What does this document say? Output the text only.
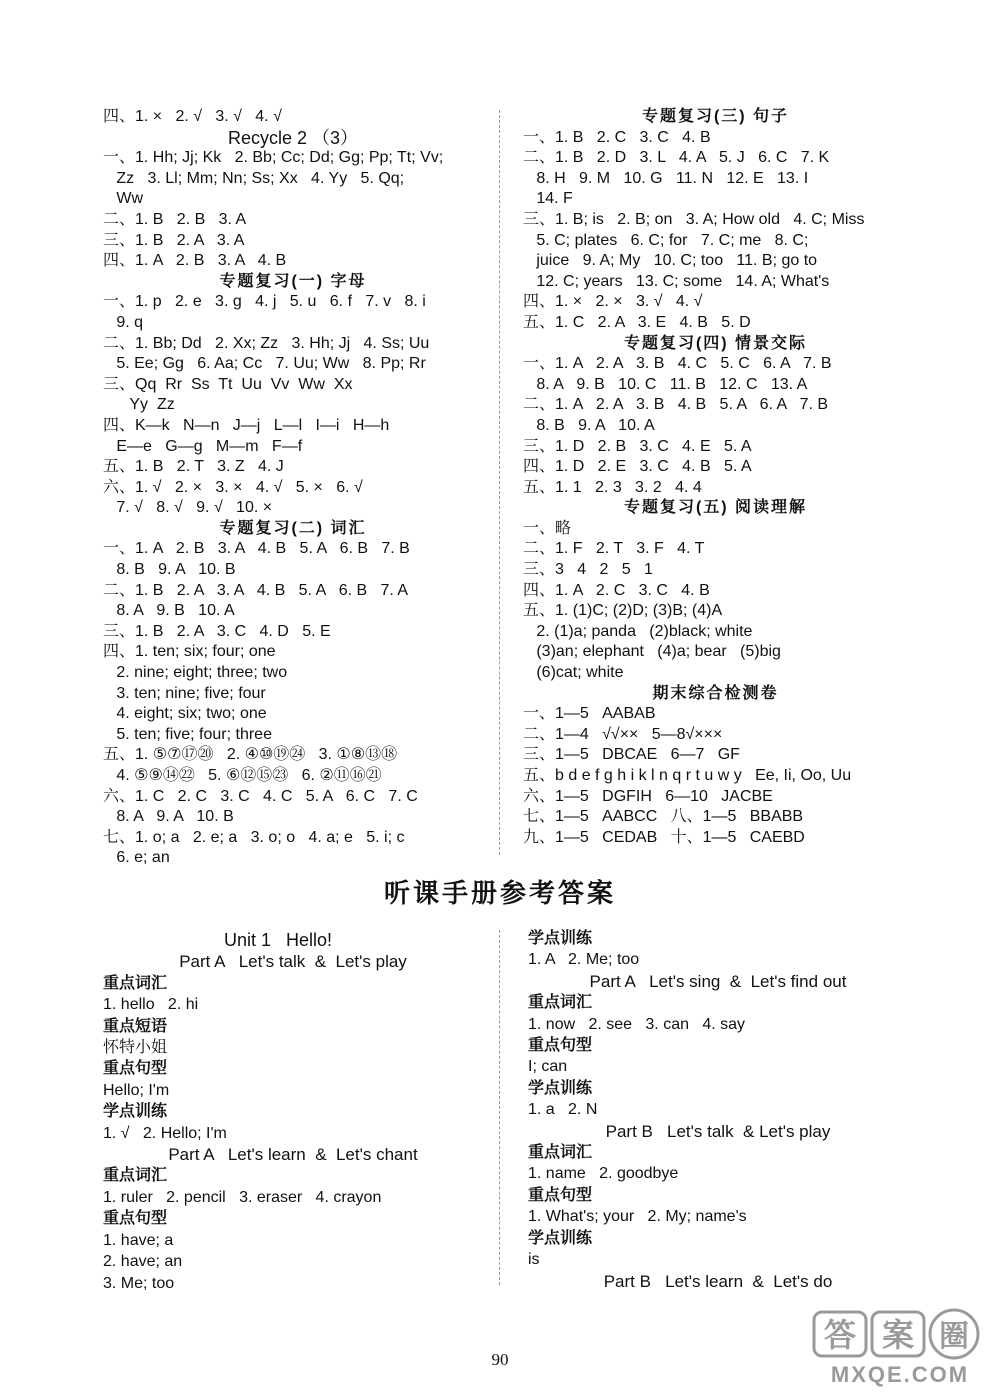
四、1. ×   2. √   3. √   4. √
Recycle 2 （3）
一、1. Hh; Jj; Kk   2. Bb; Cc; Dd; Gg; Pp; Tt; Vv;
Zz   3. Ll; Mm; Nn; Ss; Xx   4. Yy   5. Qq;
Ww
二、1. B   2. B   3. A
三、1. B   2. A   3. A
四、1. A   2. B   3. A   4. B
专题复习(一) 字母
一、1. p   2. e   3. g   4. j   5. u   6. f   7. v   8. i
9. q
二、1. Bb; Dd   2. Xx; Zz   3. Hh; Jj   4. Ss; Uu
5. Ee; Gg   6. Aa; Cc   7. Uu; Ww   8. Pp; Rr
三、Qq  Rr  Ss  Tt  Uu  Vv  Ww  Xx
Yy  Zz
四、K—k   N—n   J—j   L—l   I—i   H—h
E—e   G—g   M—m   F—f
五、1. B   2. T   3. Z   4. J
六、1. √   2. ×   3. ×   4. √   5. ×   6. √
7. √   8. √   9. √   10. ×
专题复习(二) 词汇
一、1. A   2. B   3. A   4. B   5. A   6. B   7. B
8. B   9. A   10. B
二、1. B   2. A   3. A   4. B   5. A   6. B   7. A
8. A   9. B   10. A
三、1. B   2. A   3. C   4. D   5. E
四、1. ten; six; four; one
2. nine; eight; three; two
3. ten; nine; five; four
4. eight; six; two; one
5. ten; five; four; three
五、1. ⑤⑦⑰⑳   2. ④⑩⑲㉔   3. ①⑧⑬⑱
4. ⑤⑨⑭㉒   5. ⑥⑫⑮㉓   6. ②⑪⑯㉑
六、1. C   2. C   3. C   4. C   5. A   6. C   7. C
8. A   9. A   10. B
七、1. o; a   2. e; a   3. o; o   4. a; e   5. i; c
6. e; an
专题复习(三) 句子
一、1. B   2. C   3. C   4. B
二、1. B   2. D   3. L   4. A   5. J   6. C   7. K
8. H   9. M   10. G   11. N   12. E   13. I
14. F
三、1. B; is   2. B; on   3. A; How old   4. C; Miss
5. C; plates   6. C; for   7. C; me   8. C;
juice   9. A; My   10. C; too   11. B; go to
12. C; years   13. C; some   14. A; What's
四、1. ×   2. ×   3. √   4. √
五、1. C   2. A   3. E   4. B   5. D
专题复习(四) 情景交际
一、1. A   2. A   3. B   4. C   5. C   6. A   7. B
8. A   9. B   10. C   11. B   12. C   13. A
二、1. A   2. A   3. B   4. B   5. A   6. A   7. B
8. B   9. A   10. A
三、1. D   2. B   3. C   4. E   5. A
四、1. D   2. E   3. C   4. B   5. A
五、1. 1   2. 3   3. 2   4. 4
专题复习(五) 阅读理解
一、略
二、1. F   2. T   3. F   4. T
三、3   4   2   5   1
四、1. A   2. C   3. C   4. B
五、1. (1)C; (2)D; (3)B; (4)A
2. (1)a; panda   (2)black; white
(3)an; elephant   (4)a; bear   (5)big
(6)cat; white
期末综合检测卷
一、1—5   AABAB
二、1—4   √√××   5—8√×××
三、1—5   DBCAE   6—7   GF
五、b d e f g h i k l n q r t u w y   Ee, Ii, Oo, Uu
六、1—5   DGFIH   6—10   JACBE
七、1—5   AABCC   八、1—5   BBABB
九、1—5   CEDAB   十、1—5   CAEBD
听课手册参考答案
Unit 1   Hello!
Part A   Let's talk  &  Let's play
重点词汇
1. hello   2. hi
重点短语
怀特小姐
重点句型
Hello; I'm
学点训练
1. √   2. Hello; I'm
Part A   Let's learn  &  Let's chant
重点词汇
1. ruler   2. pencil   3. eraser   4. crayon
重点句型
1. have; a
2. have; an
3. Me; too
学点训练
1. A   2. Me; too
Part A   Let's sing  &  Let's find out
重点词汇
1. now   2. see   3. can   4. say
重点句型
I; can
学点训练
1. a   2. N
Part B   Let's talk  & Let's play
重点词汇
1. name   2. goodbye
重点句型
1. What's; your   2. My; name's
学点训练
is
Part B   Let's learn  &  Let's do
90
答 案 圈
MXQE.COM
